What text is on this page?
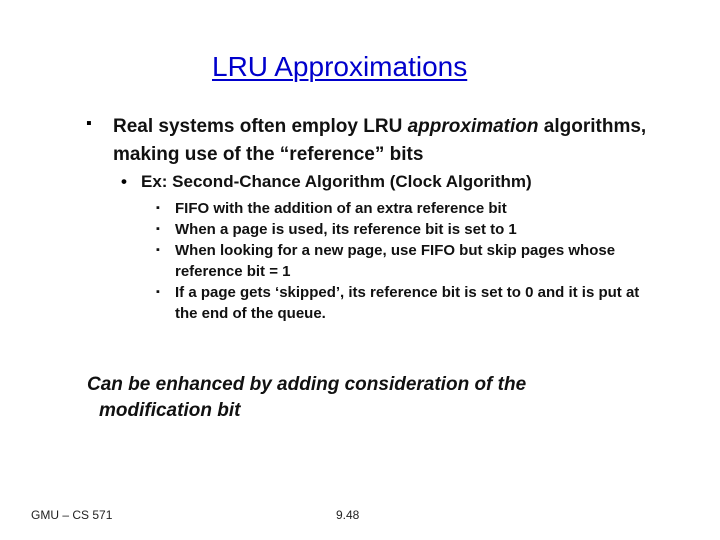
LRU Approximations
▪ Real systems often employ LRU approximation algorithms, making use of the “reference” bits
• Ex: Second-Chance Algorithm (Clock Algorithm)
▪ FIFO with the addition of an extra reference bit
▪ When a page is used, its reference bit is set to 1
▪ When looking for a new page, use FIFO but skip pages whose reference bit = 1
▪ If a page gets ‘skipped’, its reference bit is set to 0 and it is put at the end of the queue.
Can be enhanced by adding consideration of the
modification bit
GMU – CS 571	9.48
